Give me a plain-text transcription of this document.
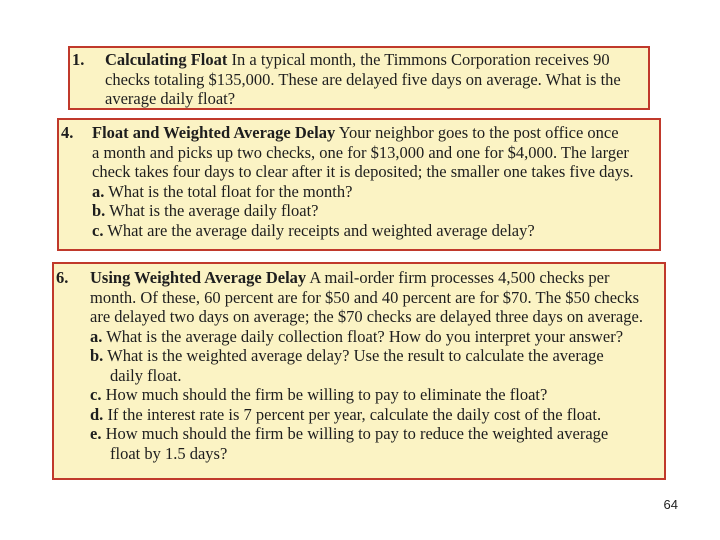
1. Calculating Float In a typical month, the Timmons Corporation receives 90
checks totaling $135,000. These are delayed five days on average. What is the
average daily float?
4. Float and Weighted Average Delay Your neighbor goes to the post office once
a month and picks up two checks, one for $13,000 and one for $4,000. The larger
check takes four days to clear after it is deposited; the smaller one takes five days.
a. What is the total float for the month?
b. What is the average daily float?
c. What are the average daily receipts and weighted average delay?
6. Using Weighted Average Delay A mail-order firm processes 4,500 checks per
month. Of these, 60 percent are for $50 and 40 percent are for $70. The $50 checks
are delayed two days on average; the $70 checks are delayed three days on average.
a. What is the average daily collection float? How do you interpret your answer?
b. What is the weighted average delay? Use the result to calculate the average
daily float.
c. How much should the firm be willing to pay to eliminate the float?
d. If the interest rate is 7 percent per year, calculate the daily cost of the float.
e. How much should the firm be willing to pay to reduce the weighted average
float by 1.5 days?
64
